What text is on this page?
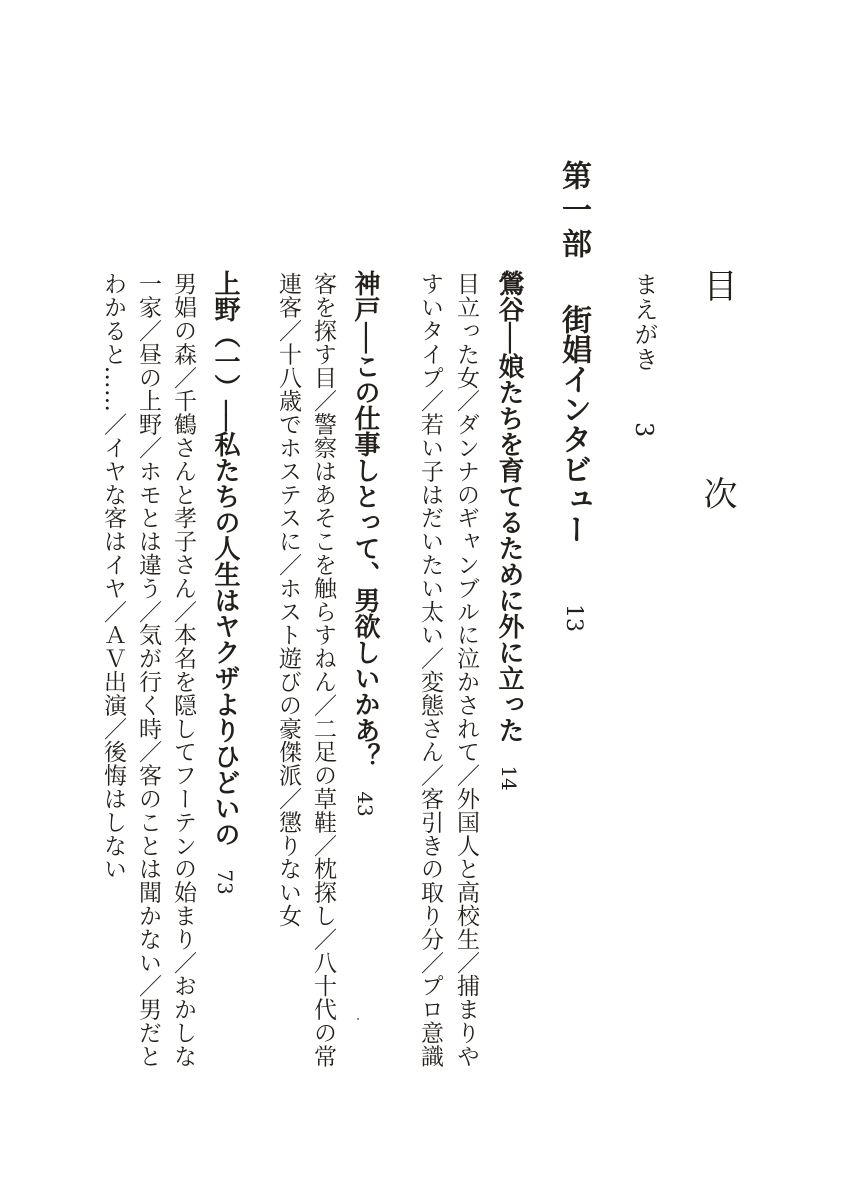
目　次
まえがき　　3
第一部街娼インタビュー　　13
鶯谷──娘たちを育てるために外に立った14
目立った女／ダンナのギャンブルに泣かされて／外国人と高校生／捕まりや
すいタイプ／若い子はだいたい太い／変態さん／客引きの取り分／プロ意識
神戸──この仕事しとって、男欲しいかあ？43
客を探す目／警察はあそこを触らすねん／二足の草鞋／枕探し／八十代の常
連客／十八歳でホステスに／ホスト遊びの豪傑派／懲りない女
上野（一）──私たちの人生はヤクザよりひどいの73
男娼の森／千鶴さんと孝子さん／本名を隠してフーテンの始まり／おかしな
一家／昼の上野／ホモとは違う／気が行く時／客のことは聞かない／男だと
わかると……／イヤな客はイヤ／ＡＶ出演／後悔はしない
